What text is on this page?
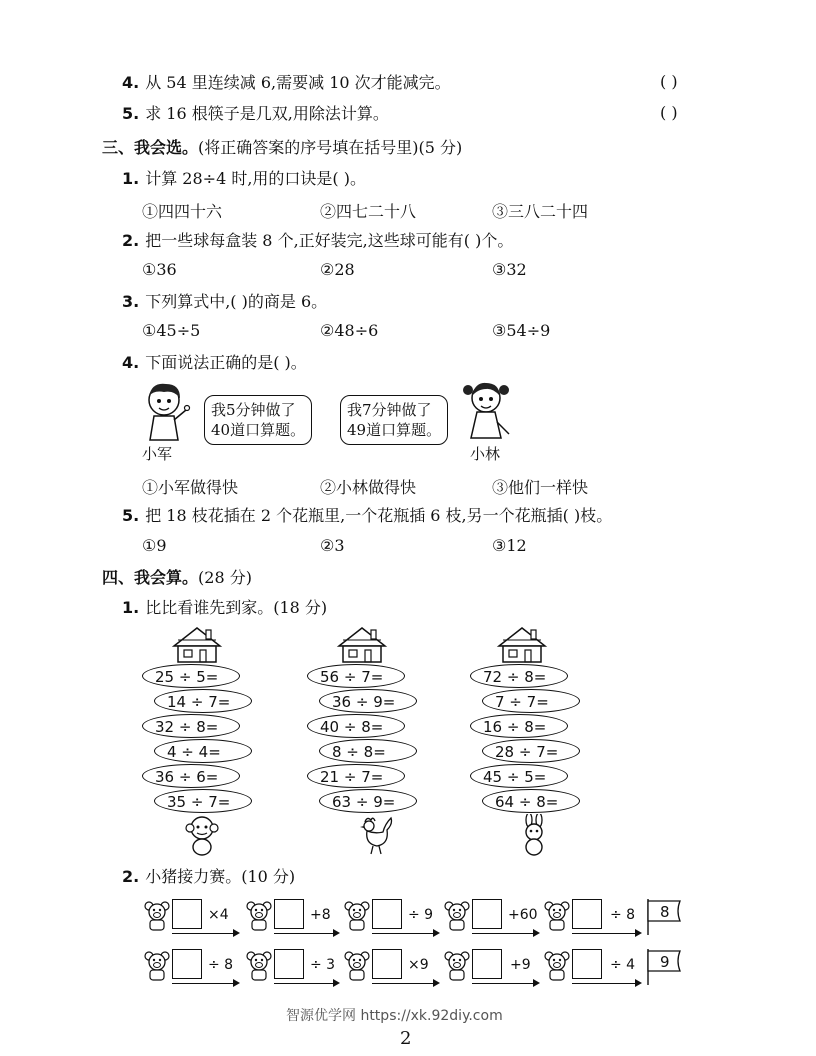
4. 从 54 里连续减 6,需要减 10 次才能减完。	( )
5. 求 16 根筷子是几双,用除法计算。	( )
三、我会选。(将正确答案的序号填在括号里)(5 分)
1. 计算 28÷4 时,用的口诀是( )。
①四四十六	②四七二十八	③三八二十四
2. 把一些球每盒装 8 个,正好装完,这些球可能有( )个。
①36	②28	③32
3. 下列算式中,( )的商是 6。
①45÷5	②48÷6	③54÷9
4. 下面说法正确的是( )。
我5分钟做了
40道口算题。
小军
我7分钟做了
49道口算题。
小林
①小军做得快	②小林做得快	③他们一样快
5. 把 18 枝花插在 2 个花瓶里,一个花瓶插 6 枝,另一个花瓶插( )枝。
①9	②3	③12
四、我会算。(28 分)
1. 比比看谁先到家。(18 分)
25 ÷ 5=
14 ÷ 7=
32 ÷ 8=
4 ÷ 4=
36 ÷ 6=
35 ÷ 7=
56 ÷ 7=
36 ÷ 9=
40 ÷ 8=
8 ÷ 8=
21 ÷ 7=
63 ÷ 9=
72 ÷ 8=
7 ÷ 7=
16 ÷ 8=
28 ÷ 7=
45 ÷ 5=
64 ÷ 8=
2. 小猪接力赛。(10 分)
×4	+8	÷ 9	+60	÷ 8 8
÷ 8	÷ 3	×9	+9	÷ 4 9
智源优学网 https://xk.92diy.com
2
